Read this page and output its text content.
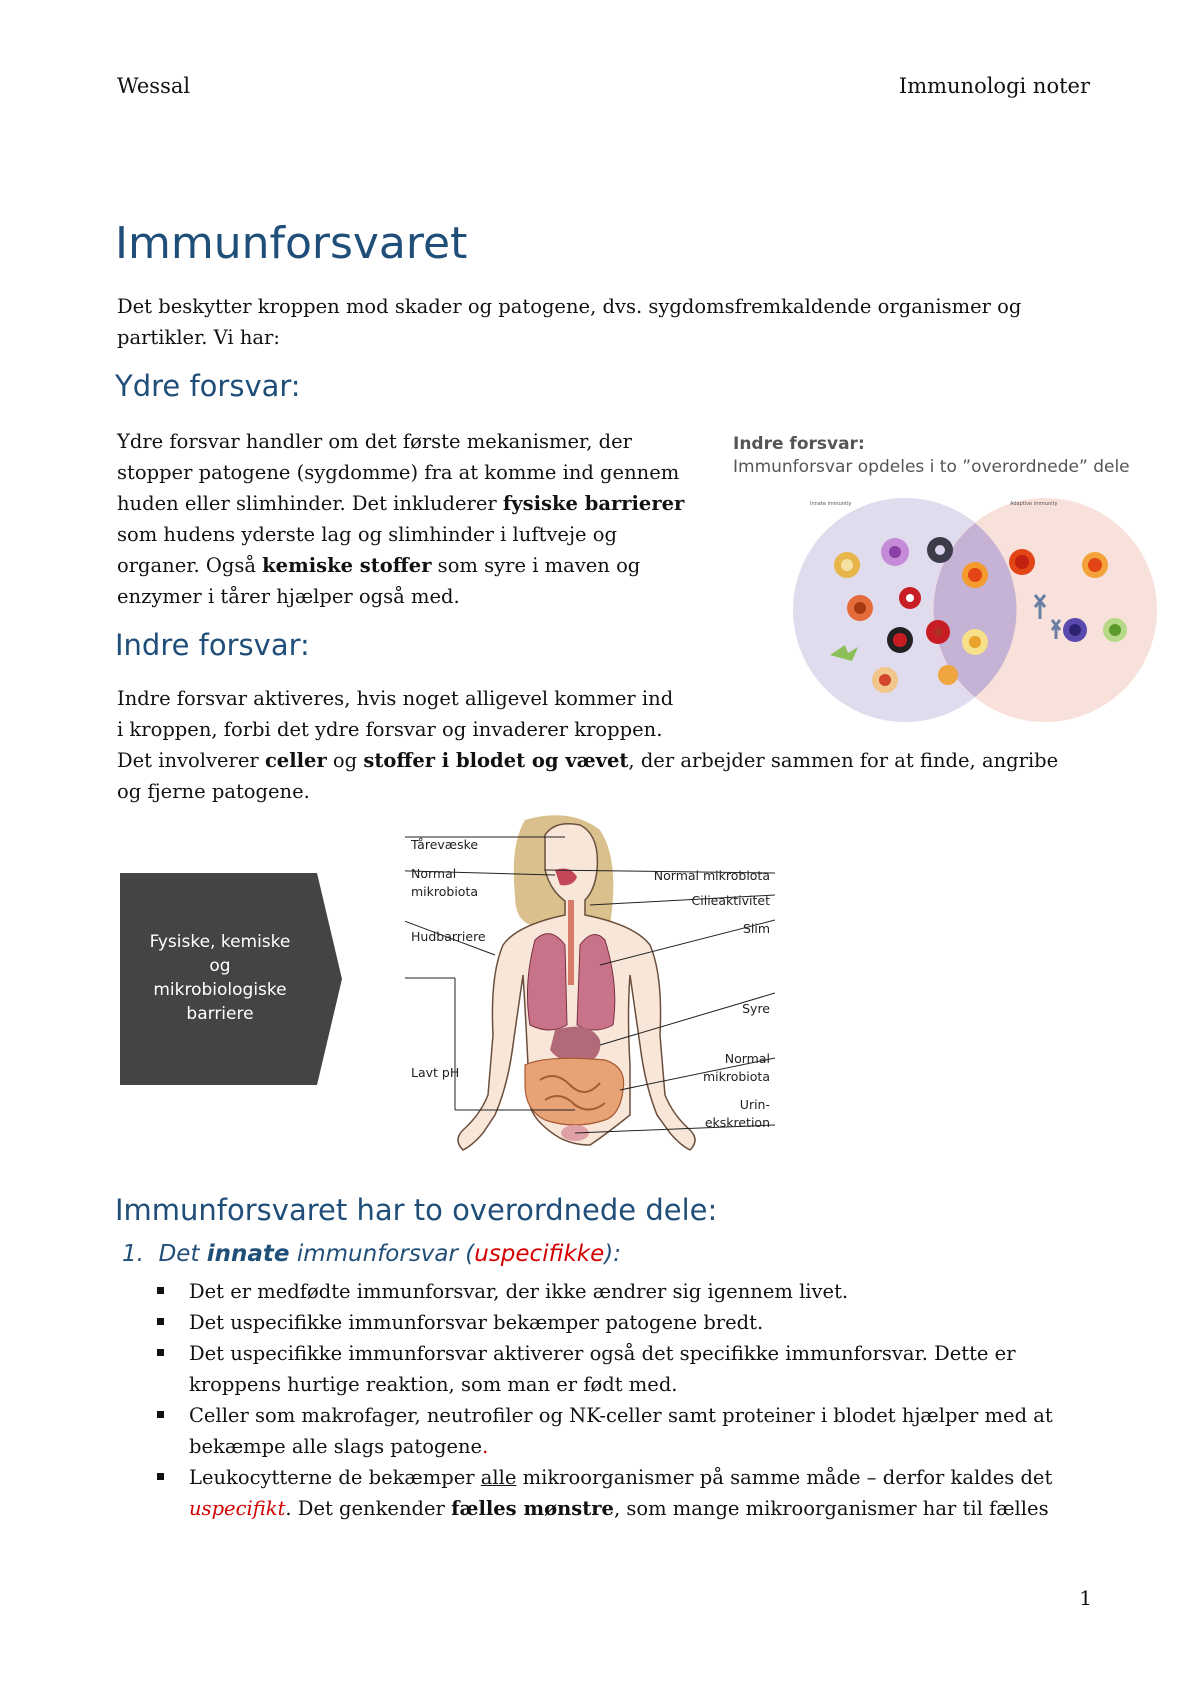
Wessal	Immunologi noter
Immunforsvaret

Det beskytter kroppen mod skader og patogene, dvs. sygdomsfremkaldende organismer og partikler. Vi har:

Ydre forsvar:

Ydre forsvar handler om det første mekanismer, der stopper patogene (sygdomme) fra at komme ind gennem huden eller slimhinder. Det inkluderer fysiske barrierer som hudens yderste lag og slimhinder i luftveje og organer. Også kemiske stoffer som syre i maven og enzymer i tårer hjælper også med.

Indre forsvar:
Immunforsvar opdeles i to ”overordnede” dele
Innate immunity	Adaptive immunity
Indre forsvar:
Indre forsvar aktiveres, hvis noget alligevel kommer ind
i kroppen, forbi det ydre forsvar og invaderer kroppen.

Det involverer celler og stoffer i blodet og vævet, der arbejder sammen for at finde, angribe og fjerne patogene.

Fysiske, kemiske
og
mikrobiologiske
barriere
Tårevæske
Normal
mikrobiota
Hudbarriere
Lavt pH
Normal mikrobiota
Cilieaktivitet
Slim
Syre
Normal
mikrobiota
Urin-
ekskretion
Immunforsvaret har to overordnede dele:
1. Det innate immunforsvar (uspecifikke):
Det er medfødte immunforsvar, der ikke ændrer sig igennem livet.
Det uspecifikke immunforsvar bekæmper patogene bredt.
Det uspecifikke immunforsvar aktiverer også det specifikke immunforsvar. Dette er kroppens hurtige reaktion, som man er født med.
Celler som makrofager, neutrofiler og NK-celler samt proteiner i blodet hjælper med at bekæmpe alle slags patogene.
Leukocytterne de bekæmper alle mikroorganismer på samme måde – derfor kaldes det uspecifikt. Det genkender fælles mønstre, som mange mikroorganismer har til fælles
1
